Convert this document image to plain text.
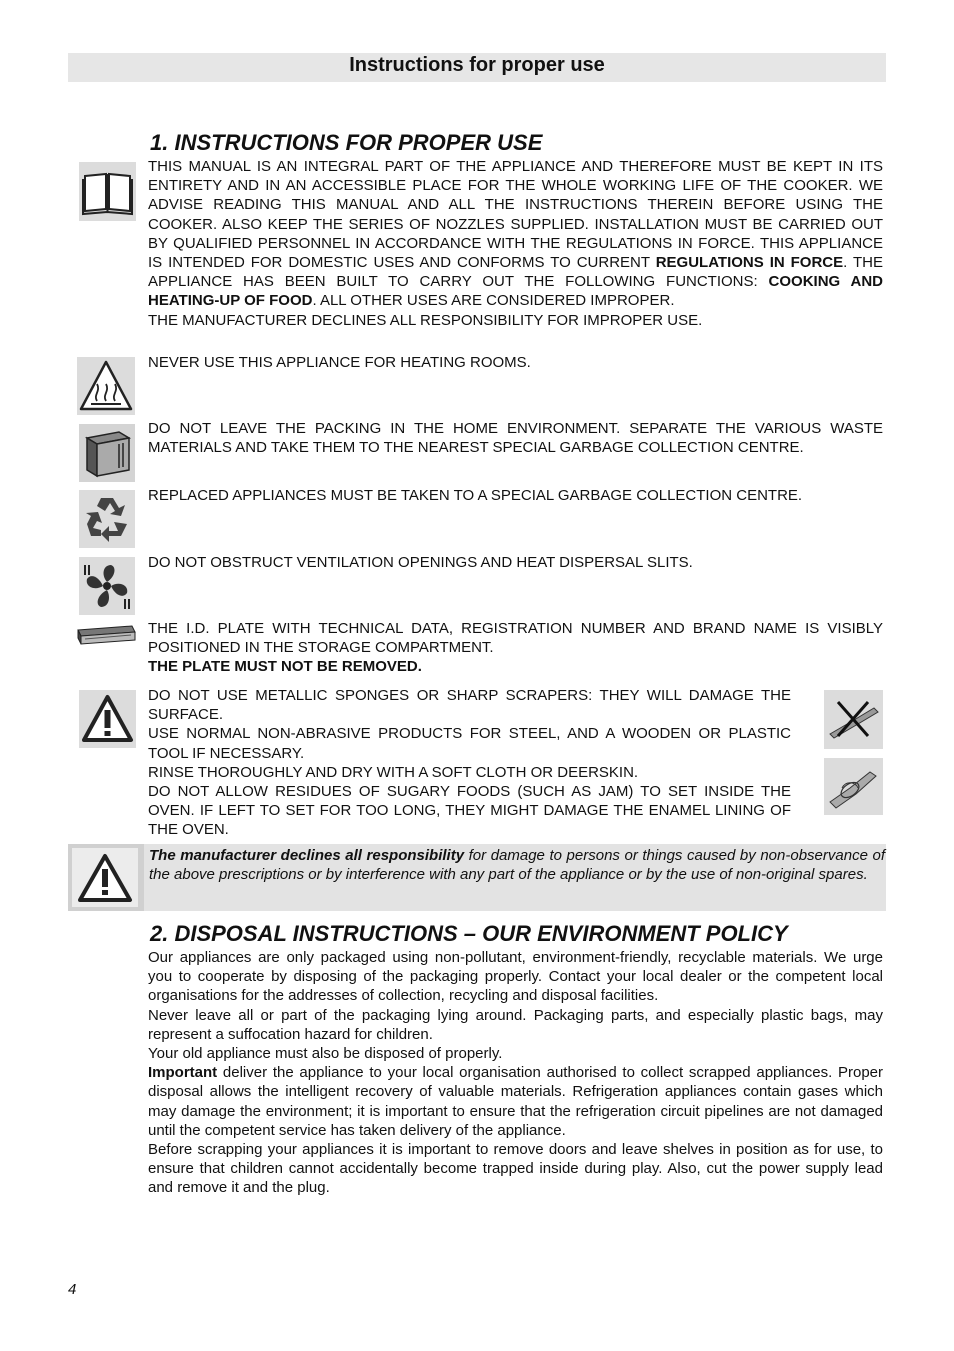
Instructions for proper use
1. INSTRUCTIONS FOR PROPER USE
THIS MANUAL IS AN INTEGRAL PART OF THE APPLIANCE AND THEREFORE MUST BE KEPT IN ITS ENTIRETY AND IN AN ACCESSIBLE PLACE FOR THE WHOLE WORKING LIFE OF THE COOKER. WE ADVISE READING THIS MANUAL AND ALL THE INSTRUCTIONS THEREIN BEFORE USING THE COOKER. ALSO KEEP THE SERIES OF NOZZLES SUPPLIED. INSTALLATION MUST BE CARRIED OUT BY QUALIFIED PERSONNEL IN ACCORDANCE WITH THE REGULATIONS IN FORCE. THIS APPLIANCE IS INTENDED FOR DOMESTIC USES AND CONFORMS TO CURRENT REGULATIONS IN FORCE. THE APPLIANCE HAS BEEN BUILT TO CARRY OUT THE FOLLOWING FUNCTIONS: COOKING AND HEATING-UP OF FOOD. ALL OTHER USES ARE CONSIDERED IMPROPER.
THE MANUFACTURER DECLINES ALL RESPONSIBILITY FOR IMPROPER USE.
NEVER USE THIS APPLIANCE FOR HEATING ROOMS.
DO NOT LEAVE THE PACKING IN THE HOME ENVIRONMENT. SEPARATE THE VARIOUS WASTE MATERIALS AND TAKE THEM TO THE NEAREST SPECIAL GARBAGE COLLECTION CENTRE.
REPLACED APPLIANCES MUST BE TAKEN TO A SPECIAL GARBAGE COLLECTION CENTRE.
DO NOT OBSTRUCT VENTILATION OPENINGS AND HEAT DISPERSAL SLITS.
THE I.D. PLATE WITH TECHNICAL DATA, REGISTRATION NUMBER AND BRAND NAME IS VISIBLY POSITIONED IN THE STORAGE COMPARTMENT.
THE PLATE MUST NOT BE REMOVED.
DO NOT USE METALLIC SPONGES OR SHARP SCRAPERS: THEY WILL DAMAGE THE SURFACE.
USE NORMAL NON-ABRASIVE PRODUCTS FOR STEEL, AND A WOODEN OR PLASTIC TOOL IF NECESSARY.
RINSE THOROUGHLY AND DRY WITH A SOFT CLOTH OR DEERSKIN.
DO NOT ALLOW RESIDUES OF SUGARY FOODS (SUCH AS JAM) TO SET INSIDE THE OVEN. IF LEFT TO SET FOR TOO LONG, THEY MIGHT DAMAGE THE ENAMEL LINING OF THE OVEN.
The manufacturer declines all responsibility for damage to persons or things caused by non-observance of the above prescriptions or by interference with any part of the appliance or by the use of non-original spares.
2. DISPOSAL INSTRUCTIONS – OUR ENVIRONMENT POLICY
Our appliances are only packaged using non-pollutant, environment-friendly, recyclable materials. We urge you to cooperate by disposing of the packaging properly. Contact your local dealer or the competent local organisations for the addresses of collection, recycling and disposal facilities.
Never leave all or part of the packaging lying around. Packaging parts, and especially plastic bags, may represent a suffocation hazard for children.
Your old appliance must also be disposed of properly.
Important deliver the appliance to your local organisation authorised to collect scrapped appliances. Proper disposal allows the intelligent recovery of valuable materials. Refrigeration appliances contain gases which may damage the environment; it is important to ensure that the refrigeration circuit pipelines are not damaged until the competent service has taken delivery of the appliance.
Before scrapping your appliances it is important to remove doors and leave shelves in position as for use, to ensure that children cannot accidentally become trapped inside during play. Also, cut the power supply lead and remove it and the plug.
4
